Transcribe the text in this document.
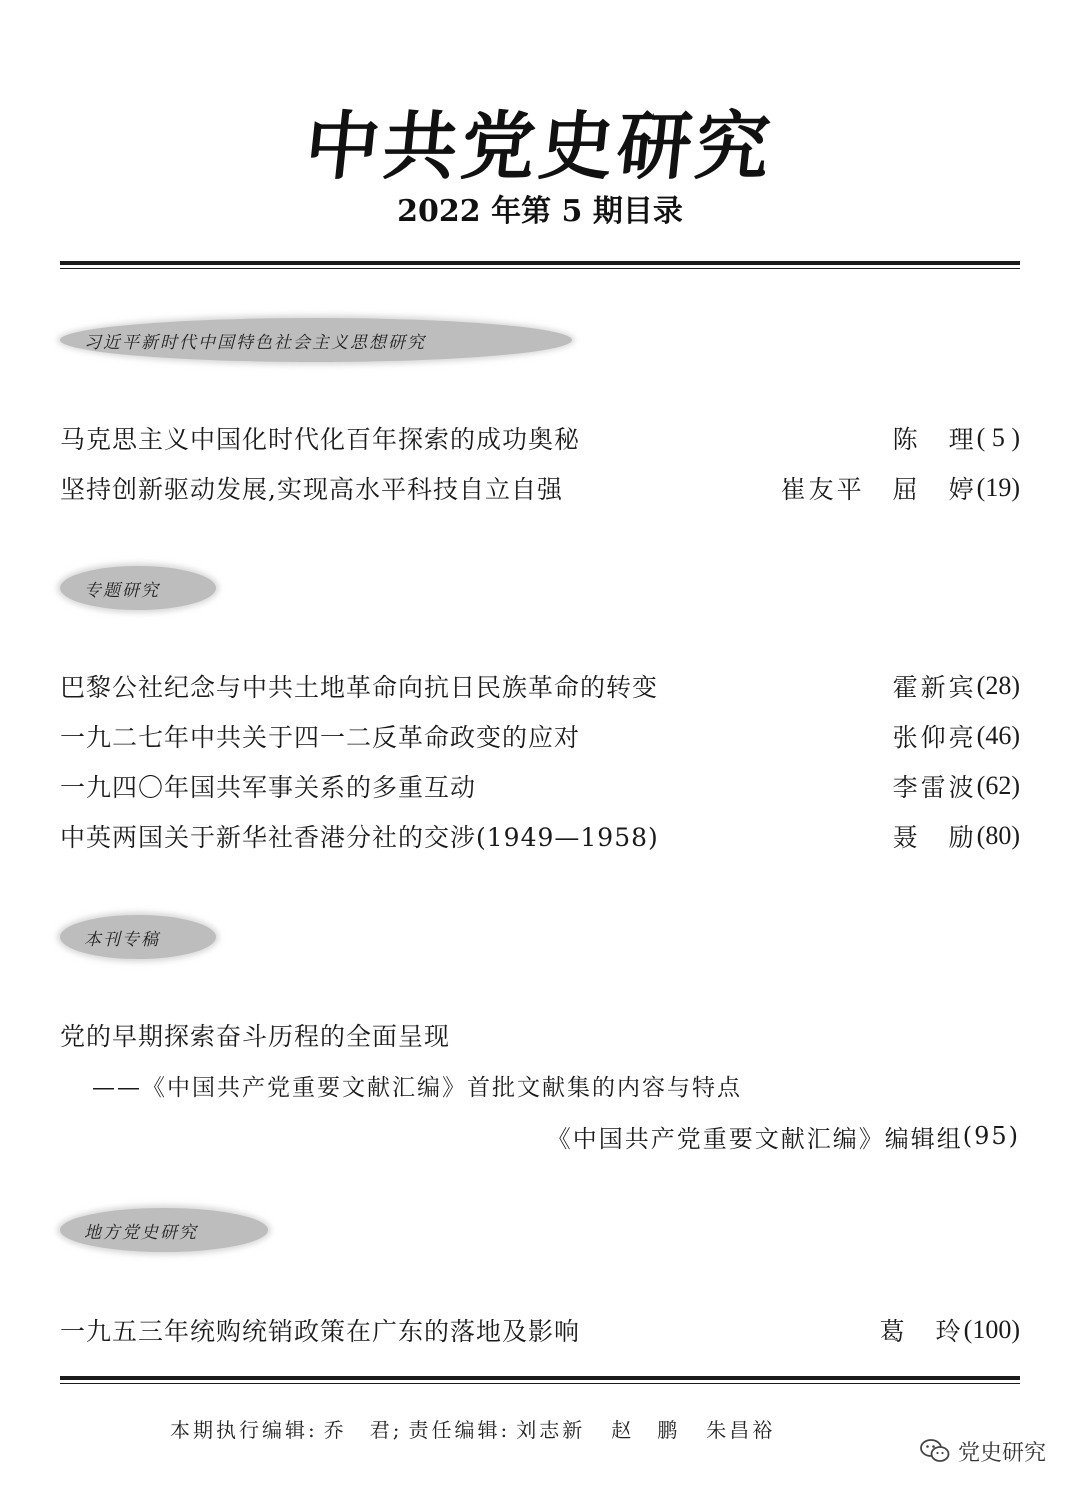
中共党史研究
2022 年第 5 期目录
习近平新时代中国特色社会主义思想研究
马克思主义中国化时代化百年探索的成功奥秘	陈　理 ( 5 )
坚持创新驱动发展,实现高水平科技自立自强	崔友平　屈　婷 (19)
专题研究
巴黎公社纪念与中共土地革命向抗日民族革命的转变	霍新宾 (28)
一九二七年中共关于四一二反革命政变的应对	张仰亮 (46)
一九四〇年国共军事关系的多重互动	李雷波 (62)
中英两国关于新华社香港分社的交涉(1949—1958)	聂　励 (80)
本刊专稿
党的早期探索奋斗历程的全面呈现
——《中国共产党重要文献汇编》首批文献集的内容与特点
《中国共产党重要文献汇编》编辑组 (95)
地方党史研究
一九五三年统购统销政策在广东的落地及影响	葛　玲 (100)
本期执行编辑: 乔　君; 责任编辑: 刘志新 赵　鹏 朱昌裕
党史研究
